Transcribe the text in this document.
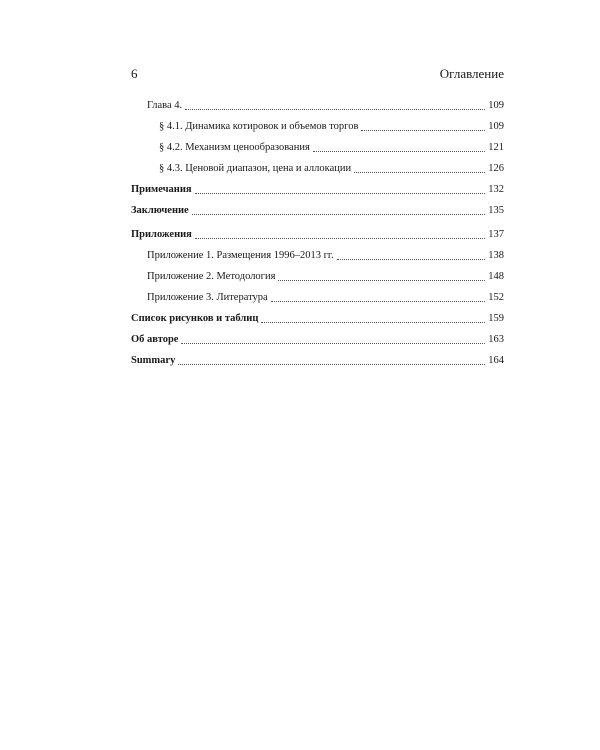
6	Оглавление
Глава 4.	109
§ 4.1. Динамика котировок и объемов торгов	109
§ 4.2. Механизм ценообразования	121
§ 4.3. Ценовой диапазон, цена и аллокации	126
Примечания	132
Заключение	135
Приложения	137
Приложение 1. Размещения 1996–2013 гг.	138
Приложение 2. Методология	148
Приложение 3. Литература	152
Список рисунков и таблиц	159
Об авторе	163
Summary	164
